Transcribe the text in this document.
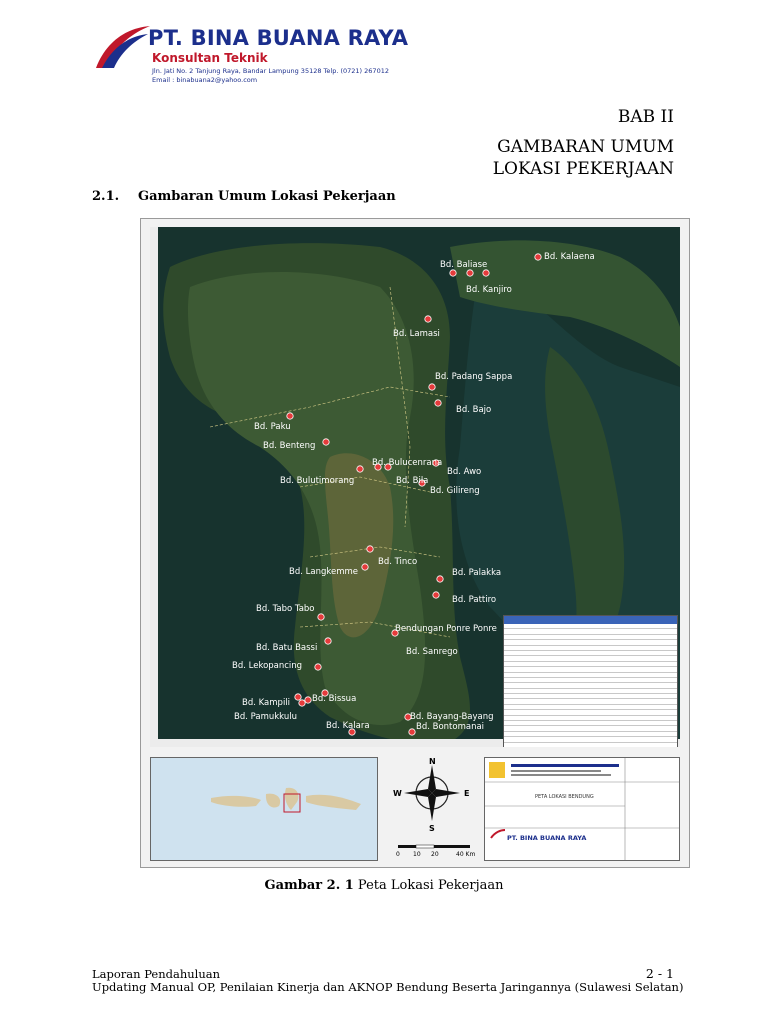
PT. BINA BUANA RAYA
Konsultan Teknik
Jln. Jati No. 2 Tanjung Raya, Bandar Lampung 35128 Telp. (0721) 267012
Email : binabuana2@yahoo.com
BAB II
GAMBARAN UMUM
LOKASI PEKERJAAN
2.1. Gambaran Umum Lokasi Pekerjaan
Bd. Kalaena
Bd. Baliase
Bd. Kanjiro
Bd. Lamasi
Bd. Padang Sappa
Bd. Bajo
Bd. Paku
Bd. Benteng
Bd. Bulucenrana
Bd. Awo
Bd. Bulutimorang	Bd. Bila
Bd. Gilireng
Bd. Tinco
Bd. Langkemme	Bd. Palakka
Bd. Pattiro
Bd. Tabo Tabo
Bendungan Ponre Ponre
Bd. Batu Bassi	Bd. Sanrego
Bd. Lekopancing
Bd. Kampili	Bd. Bissua
Bd. Pamukkulu	Bd. Bayang-Bayang
Bd. Bontomanai
Bd. Kalara
N
S
W	E
0 10 20	40 Km
PETA LOKASI BENDUNG
PT. BINA BUANA RAYA
Gambar 2. 1 Peta Lokasi Pekerjaan
Laporan Pendahuluan
Updating Manual OP, Penilaian Kinerja dan AKNOP Bendung Beserta Jaringannya (Sulawesi Selatan)
2 - 1
